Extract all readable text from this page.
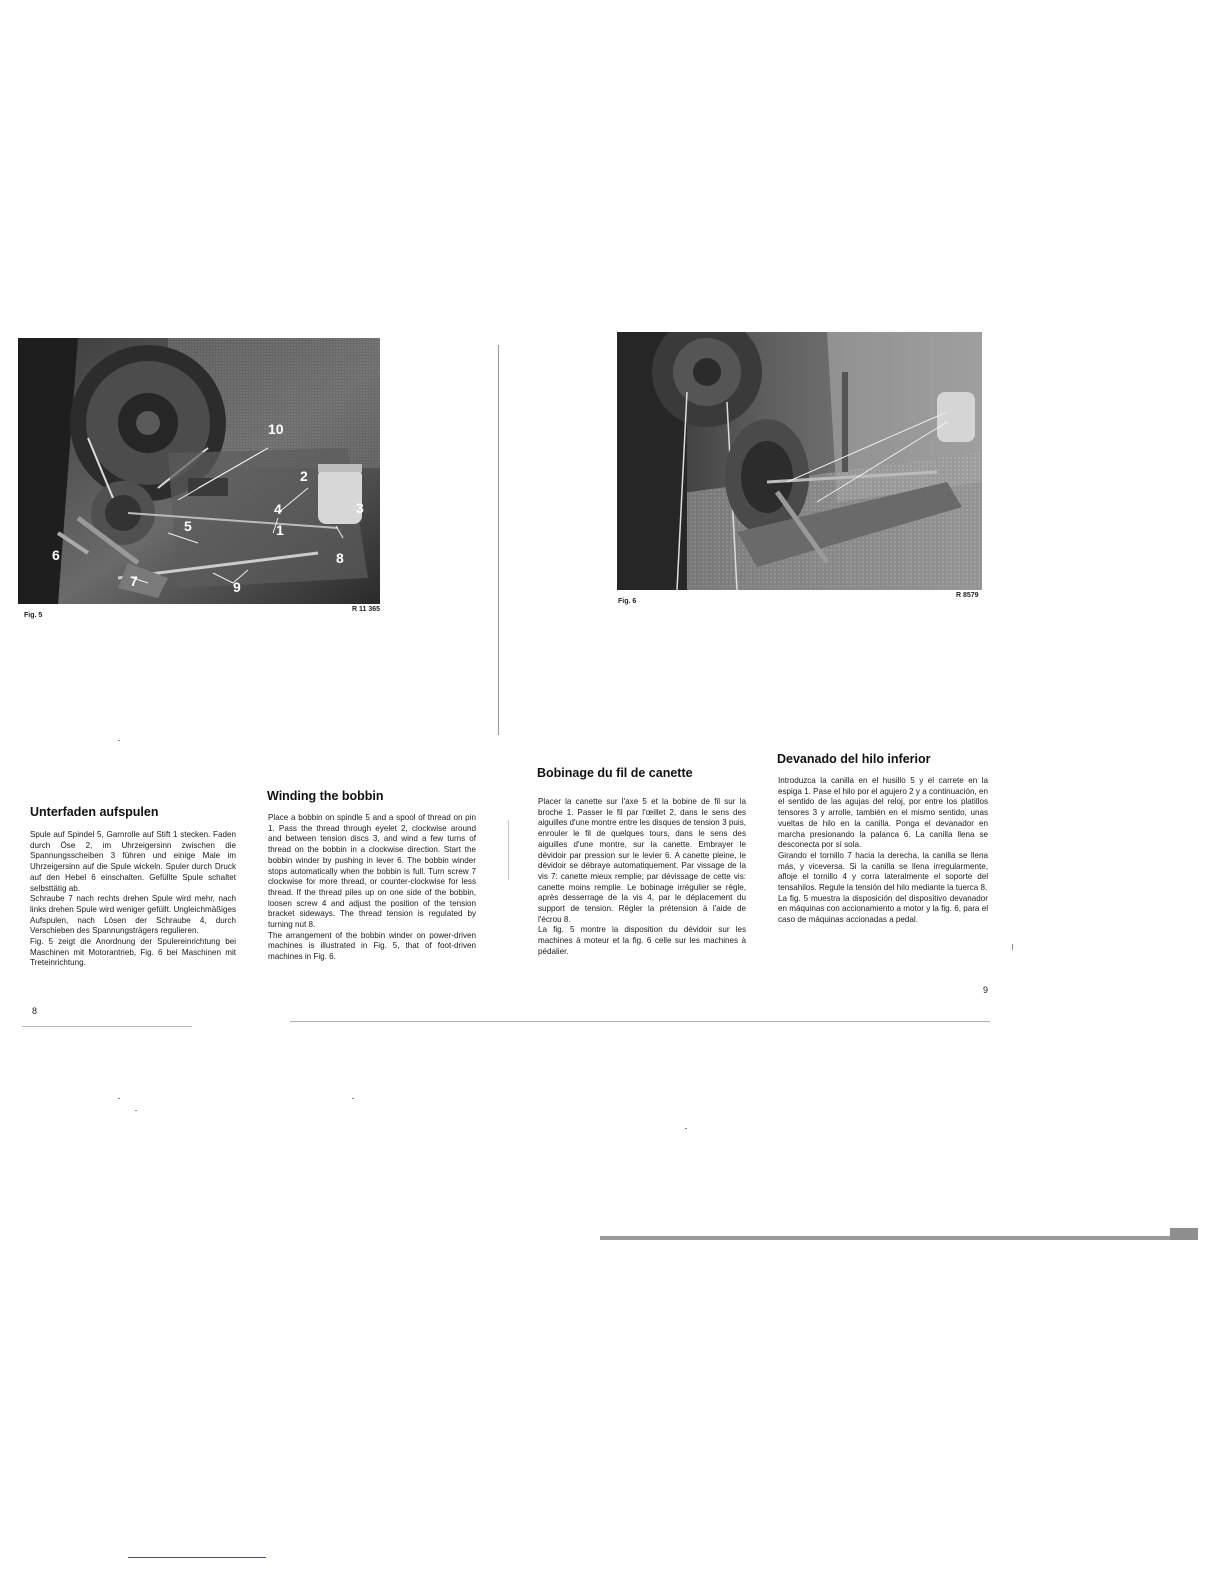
10
2
4	3
5	1
6
7	9
8
Fig. 5
R 11 365
Unterfaden aufspulen

Spule auf Spindel 5, Garnrolle auf Stift 1 stecken. Faden durch Öse 2, im Uhrzeigersinn zwischen die Spannungsscheiben 3 führen und einige Male im Uhrzeigersinn auf die Spule wickeln. Spuler durch Druck auf den Hebel 6 einschalten. Gefüllte Spule schaltet selbsttätig ab.
Schraube 7 nach rechts drehen Spule wird mehr, nach links drehen Spule wird weniger gefüllt. Ungleichmäßiges Aufspulen, nach Lösen der Schraube 4, durch Verschieben des Spannungsträgers regulieren.
Fig. 5 zeigt die Anordnung der Spulereinrichtung bei Maschinen mit Motorantrieb, Fig. 6 bei Maschinen mit Treteinrichtung.

8
Winding the bobbin

Place a bobbin on spindle 5 and a spool of thread on pin 1. Pass the thread through eyelet 2, clockwise around and between tension discs 3, and wind a few turns of thread on the bobbin in a clockwise direction. Start the bobbin winder by pushing in lever 6. The bobbin winder stops automatically when the bobbin is full. Turn screw 7 clockwise for more thread, or counter-clockwise for less thread. If the thread piles up on one side of the bobbin, loosen screw 4 and adjust the position of the tension bracket sideways. The thread tension is regulated by turning nut 8.
The arrangement of the bobbin winder on power-driven machines is illustrated in Fig. 5, that of foot-driven machines in Fig. 6.

Fig. 6
R 8579
Bobinage du fil de canette

Placer la canette sur l'axe 5 et la bobine de fil sur la broche 1. Passer le fil par l'œillet 2, dans le sens des aiguilles d'une montre entre les disques de tension 3 puis, enrouler le fil de quelques tours, dans le sens des aiguilles d'une montre, sur la canette. Embrayer le dévidoir par pression sur le levier 6. A canette pleine, le dévidoir se débraye automatiquement. Par vissage de la vis 7: canette mieux remplie; par dévissage de cette vis: canette moins remplie. Le bobinage irrégulier se règle, après desserrage de la vis 4, par le déplacement du support de tension. Régler la prétension à l'aide de l'écrou 8.
La fig. 5 montre la disposition du dévidoir sur les machines à moteur et la fig. 6 celle sur les machines à pédalier.

Devanado del hilo inferior

Introduzca la canilla en el husillo 5 y el carrete en la espiga 1. Pase el hilo por el agujero 2 y a continuación, en el sentido de las agujas del reloj, por entre los platillos tensores 3 y arrolle, también en el mismo sentido, unas vueltas de hilo en la canilla. Ponga el devanador en marcha presionando la palanca 6. La canilla llena se desconecta por sí sola.
Girando el tornillo 7 hacia la derecha, la canilla se llena más, y viceversa. Si la canilla se llena irregularmente, afloje el tornillo 4 y corra lateralmente el soporte del tensahilos. Regule la tensión del hilo mediante la tuerca 8.
La fig. 5 muestra la disposición del dispositivo devanador en máquinas con accionamiento a motor y la fig. 6, para el caso de máquinas accionadas a pedal.

9
